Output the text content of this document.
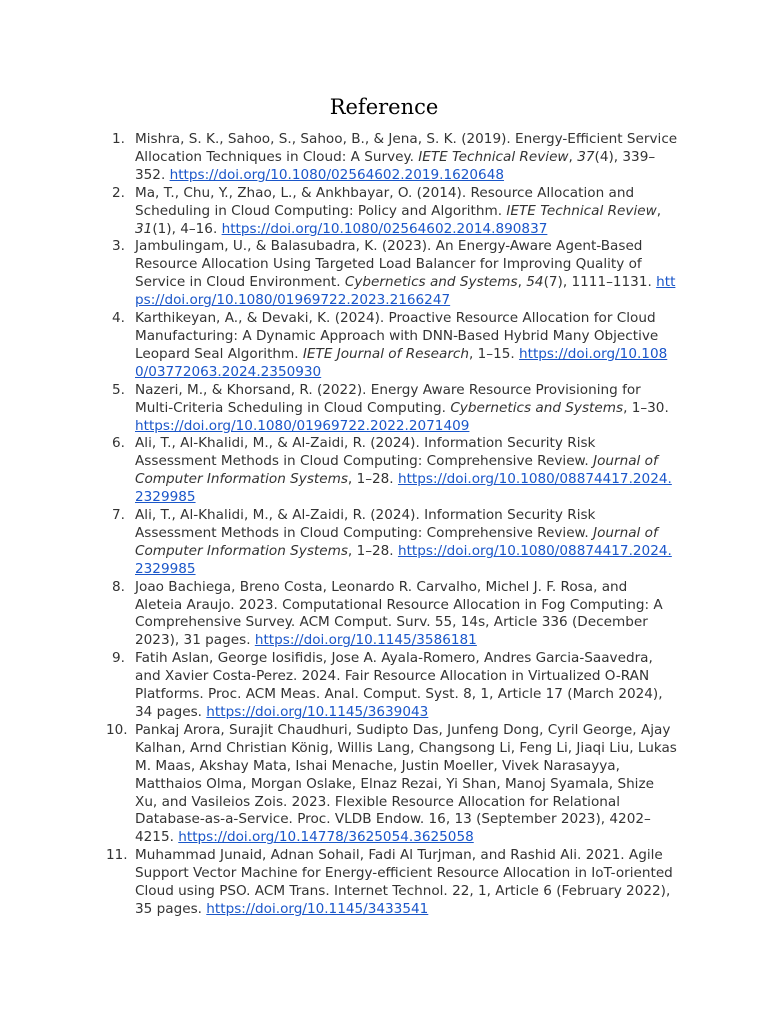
Reference
1. Mishra, S. K., Sahoo, S., Sahoo, B., & Jena, S. K. (2019). Energy-Efficient Service Allocation Techniques in Cloud: A Survey. IETE Technical Review, 37(4), 339–352. https://doi.org/10.1080/02564602.2019.1620648
2. Ma, T., Chu, Y., Zhao, L., & Ankhbayar, O. (2014). Resource Allocation and Scheduling in Cloud Computing: Policy and Algorithm. IETE Technical Review, 31(1), 4–16. https://doi.org/10.1080/02564602.2014.890837
3. Jambulingam, U., & Balasubadra, K. (2023). An Energy-Aware Agent-Based Resource Allocation Using Targeted Load Balancer for Improving Quality of Service in Cloud Environment. Cybernetics and Systems, 54(7), 1111–1131. https://doi.org/10.1080/01969722.2023.2166247
4. Karthikeyan, A., & Devaki, K. (2024). Proactive Resource Allocation for Cloud Manufacturing: A Dynamic Approach with DNN-Based Hybrid Many Objective Leopard Seal Algorithm. IETE Journal of Research, 1–15. https://doi.org/10.1080/03772063.2024.2350930
5. Nazeri, M., & Khorsand, R. (2022). Energy Aware Resource Provisioning for Multi-Criteria Scheduling in Cloud Computing. Cybernetics and Systems, 1–30. https://doi.org/10.1080/01969722.2022.2071409
6. Ali, T., Al-Khalidi, M., & Al-Zaidi, R. (2024). Information Security Risk Assessment Methods in Cloud Computing: Comprehensive Review. Journal of Computer Information Systems, 1–28. https://doi.org/10.1080/08874417.2024.2329985
7. Ali, T., Al-Khalidi, M., & Al-Zaidi, R. (2024). Information Security Risk Assessment Methods in Cloud Computing: Comprehensive Review. Journal of Computer Information Systems, 1–28. https://doi.org/10.1080/08874417.2024.2329985
8. Joao Bachiega, Breno Costa, Leonardo R. Carvalho, Michel J. F. Rosa, and Aleteia Araujo. 2023. Computational Resource Allocation in Fog Computing: A Comprehensive Survey. ACM Comput. Surv. 55, 14s, Article 336 (December 2023), 31 pages. https://doi.org/10.1145/3586181
9. Fatih Aslan, George Iosifidis, Jose A. Ayala-Romero, Andres Garcia-Saavedra, and Xavier Costa-Perez. 2024. Fair Resource Allocation in Virtualized O-RAN Platforms. Proc. ACM Meas. Anal. Comput. Syst. 8, 1, Article 17 (March 2024), 34 pages. https://doi.org/10.1145/3639043
10. Pankaj Arora, Surajit Chaudhuri, Sudipto Das, Junfeng Dong, Cyril George, Ajay Kalhan, Arnd Christian König, Willis Lang, Changsong Li, Feng Li, Jiaqi Liu, Lukas M. Maas, Akshay Mata, Ishai Menache, Justin Moeller, Vivek Narasayya, Matthaios Olma, Morgan Oslake, Elnaz Rezai, Yi Shan, Manoj Syamala, Shize Xu, and Vasileios Zois. 2023. Flexible Resource Allocation for Relational Database-as-a-Service. Proc. VLDB Endow. 16, 13 (September 2023), 4202–4215. https://doi.org/10.14778/3625054.3625058
11. Muhammad Junaid, Adnan Sohail, Fadi Al Turjman, and Rashid Ali. 2021. Agile Support Vector Machine for Energy-efficient Resource Allocation in IoT-oriented Cloud using PSO. ACM Trans. Internet Technol. 22, 1, Article 6 (February 2022), 35 pages. https://doi.org/10.1145/3433541
